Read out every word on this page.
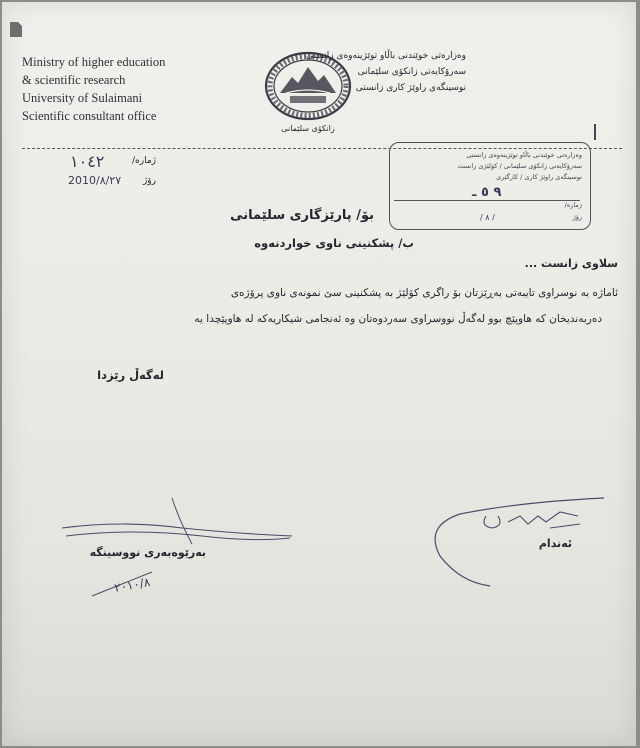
Ministry of higher education
& scientific research
University of Sulaimani
Scientific consultant office
زانکۆی سلێمانی
وەزارەتی خوێندنی باڵاو توێژینەوەی زانستی
سەرۆکایەتی زانکۆی سلێمانی
نوسینگەی راوێژ کاری زانستی
ژمارە/
١٠٤٢
رۆژ
2010/٨/٢٧
وەزارەتی خوێندنی باڵاو توێژینەوەی زانستی
سەرۆکایەتی زانکۆی سلێمانی / کۆلێژی زانست
نوسینگەی راوێژ کاری / کارگێری
٩ ٥ ـ
ژمارە/
رۆژ
/ ٨ /
بۆ/ پارێزگاری سلێمانی
ب/ پشکنینی ناوی خواردنەوە
سلاوی زانست ...
ئاماژە بە نوسراوی تایبەتی بەڕێزتان بۆ راگری کۆلێژ بە پشکنینی سێ نمونەی ناوی پرۆژەی
دەربەندیخان کە هاوپێچ بوو لەگەڵ نووسراوی سەردوەتان وە ئەنجامی شیکاریەکە لە هاوپێچدا یە
لەگەڵ رێزدا
بەرێوەبەری نووسینگە
٢٠١٠/٨
ئەندام
